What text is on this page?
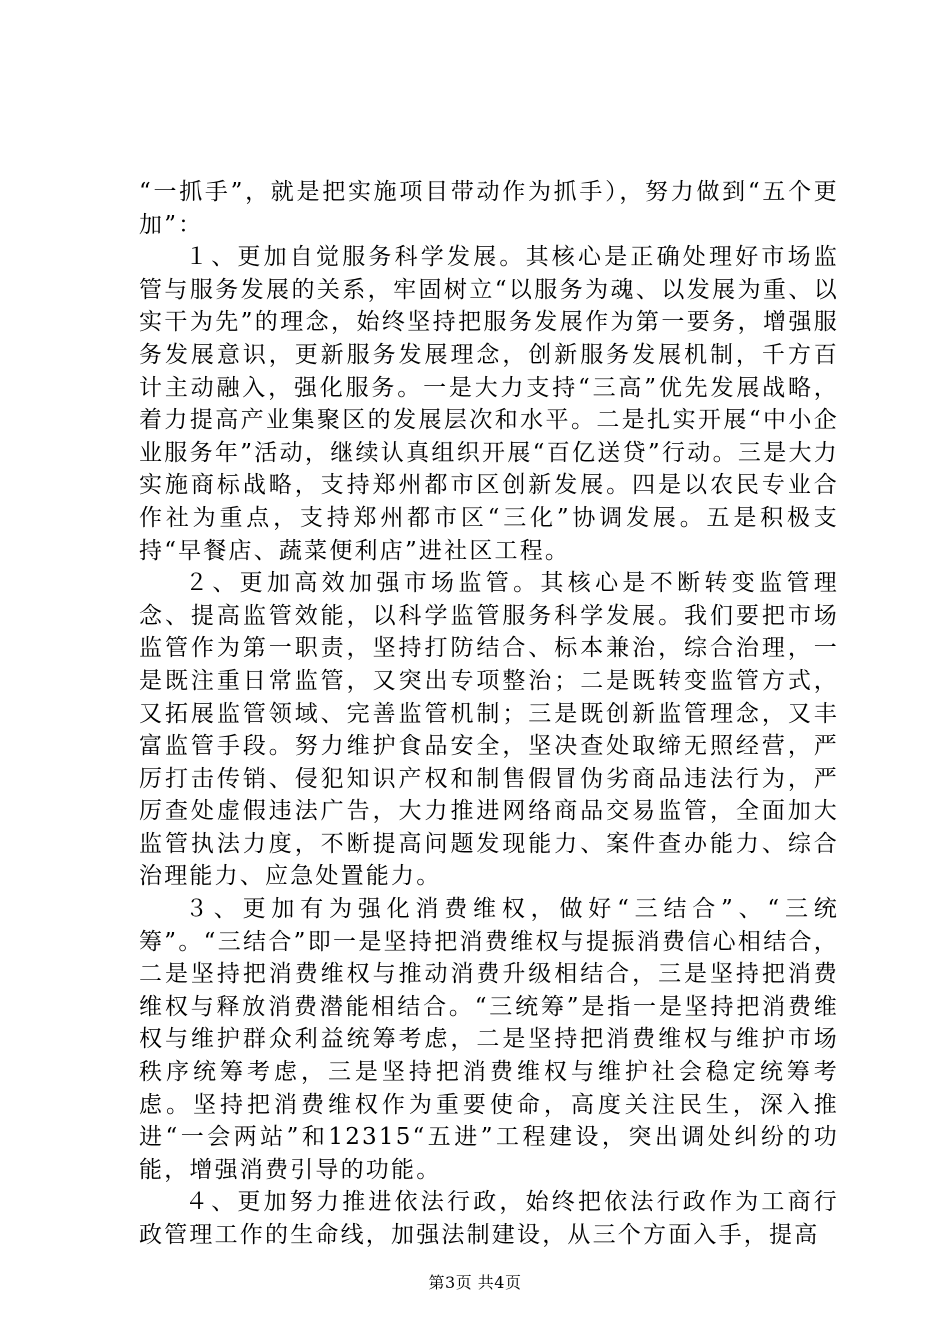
“一抓手”，就是把实施项目带动作为抓手），努力做到“五个更加”：

１、更加自觉服务科学发展。其核心是正确处理好市场监管与服务发展的关系，牢固树立“以服务为魂、以发展为重、以实干为先”的理念，始终坚持把服务发展作为第一要务，增强服务发展意识，更新服务发展理念，创新服务发展机制，千方百计主动融入，强化服务。一是大力支持“三高”优先发展战略，着力提高产业集聚区的发展层次和水平。二是扎实开展“中小企业服务年”活动，继续认真组织开展“百亿送贷”行动。三是大力实施商标战略，支持郑州都市区创新发展。四是以农民专业合作社为重点，支持郑州都市区“三化”协调发展。五是积极支持“早餐店、蔬菜便利店”进社区工程。

２、更加高效加强市场监管。其核心是不断转变监管理念、提高监管效能，以科学监管服务科学发展。我们要把市场监管作为第一职责，坚持打防结合、标本兼治，综合治理，一是既注重日常监管，又突出专项整治；二是既转变监管方式，又拓展监管领域、完善监管机制；三是既创新监管理念，又丰富监管手段。努力维护食品安全，坚决查处取缔无照经营，严厉打击传销、侵犯知识产权和制售假冒伪劣商品违法行为，严厉查处虚假违法广告，大力推进网络商品交易监管，全面加大监管执法力度，不断提高问题发现能力、案件查办能力、综合治理能力、应急处置能力。

３、更加有为强化消费维权，做好“三结合”、“三统筹”。“三结合”即一是坚持把消费维权与提振消费信心相结合，二是坚持把消费维权与推动消费升级相结合，三是坚持把消费维权与释放消费潜能相结合。“三统筹”是指一是坚持把消费维权与维护群众利益统筹考虑，二是坚持把消费维权与维护市场秩序统筹考虑，三是坚持把消费维权与维护社会稳定统筹考虑。坚持把消费维权作为重要使命，高度关注民生，深入推进“一会两站”和12315“五进”工程建设，突出调处纠纷的功能，增强消费引导的功能。

４、更加努力推进依法行政，始终把依法行政作为工商行政管理工作的生命线，加强法制建设，从三个方面入手，提高

第3页 共4页
